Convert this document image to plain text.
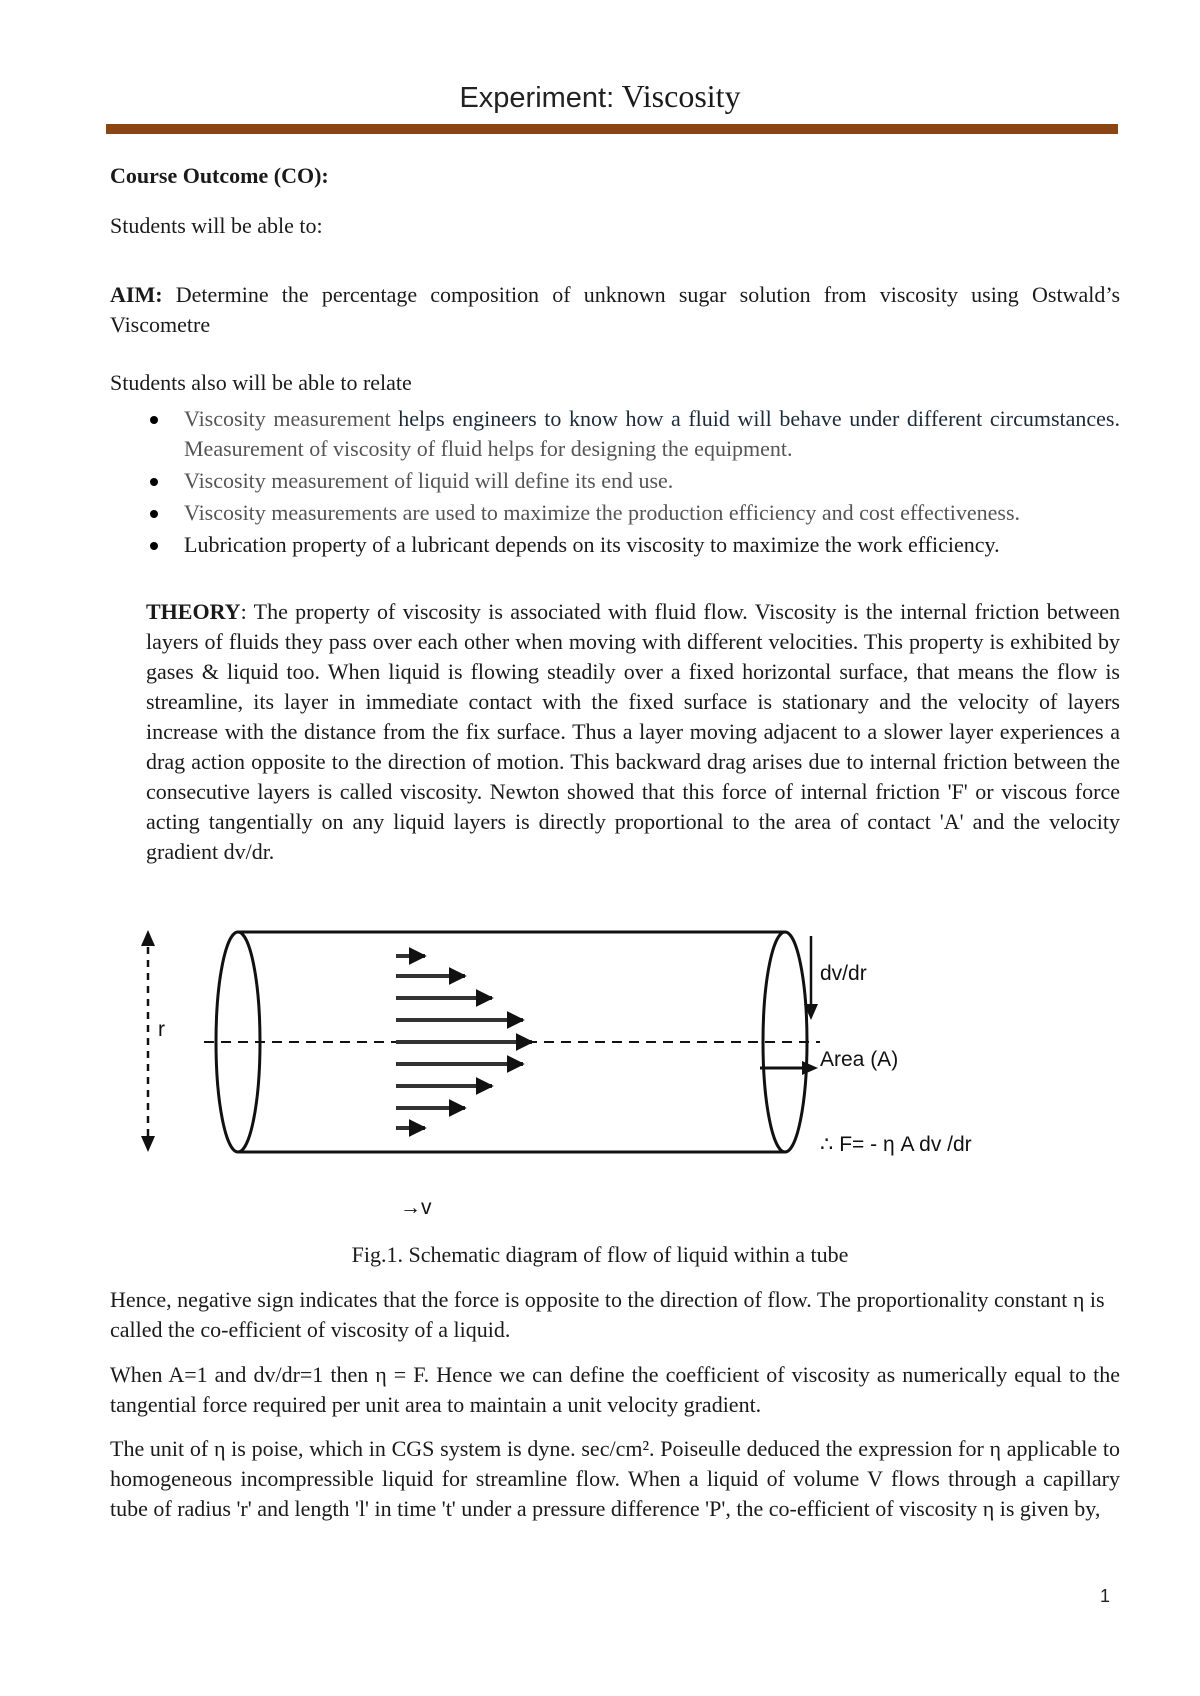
Experiment: Viscosity
Course Outcome (CO):
Students will be able to:
AIM: Determine the percentage composition of unknown sugar solution from viscosity using Ostwald’s Viscometre
Students also will be able to relate
Viscosity measurement helps engineers to know how a fluid will behave under different circumstances. Measurement of viscosity of fluid helps for designing the equipment.
Viscosity measurement of liquid will define its end use.
Viscosity measurements are used to maximize the production efficiency and cost effectiveness.
Lubrication property of a lubricant depends on its viscosity to maximize the work efficiency.
THEORY: The property of viscosity is associated with fluid flow. Viscosity is the internal friction between layers of fluids they pass over each other when moving with different velocities. This property is exhibited by gases & liquid too. When liquid is flowing steadily over a fixed horizontal surface, that means the flow is streamline, its layer in immediate contact with the fixed surface is stationary and the velocity of layers increase with the distance from the fix surface. Thus a layer moving adjacent to a slower layer experiences a drag action opposite to the direction of motion. This backward drag arises due to internal friction between the consecutive layers is called viscosity. Newton showed that this force of internal friction 'F' or viscous force acting tangentially on any liquid layers is directly proportional to the area of contact 'A' and the velocity gradient dv/dr.
r
dv/dr
Area (A)
∴ F= - η A dv /dr
→v
Fig.1. Schematic diagram of flow of liquid within a tube
Hence, negative sign indicates that the force is opposite to the direction of flow. The proportionality constant η is called the co-efficient of viscosity of a liquid.
When A=1 and dv/dr=1 then η = F. Hence we can define the coefficient of viscosity as numerically equal to the tangential force required per unit area to maintain a unit velocity gradient.
The unit of η is poise, which in CGS system is dyne. sec/cm². Poiseulle deduced the expression for η applicable to homogeneous incompressible liquid for streamline flow. When a liquid of volume V flows through a capillary tube of radius 'r' and length 'l' in time 't' under a pressure difference 'P', the co-efficient of viscosity η is given by,
1
